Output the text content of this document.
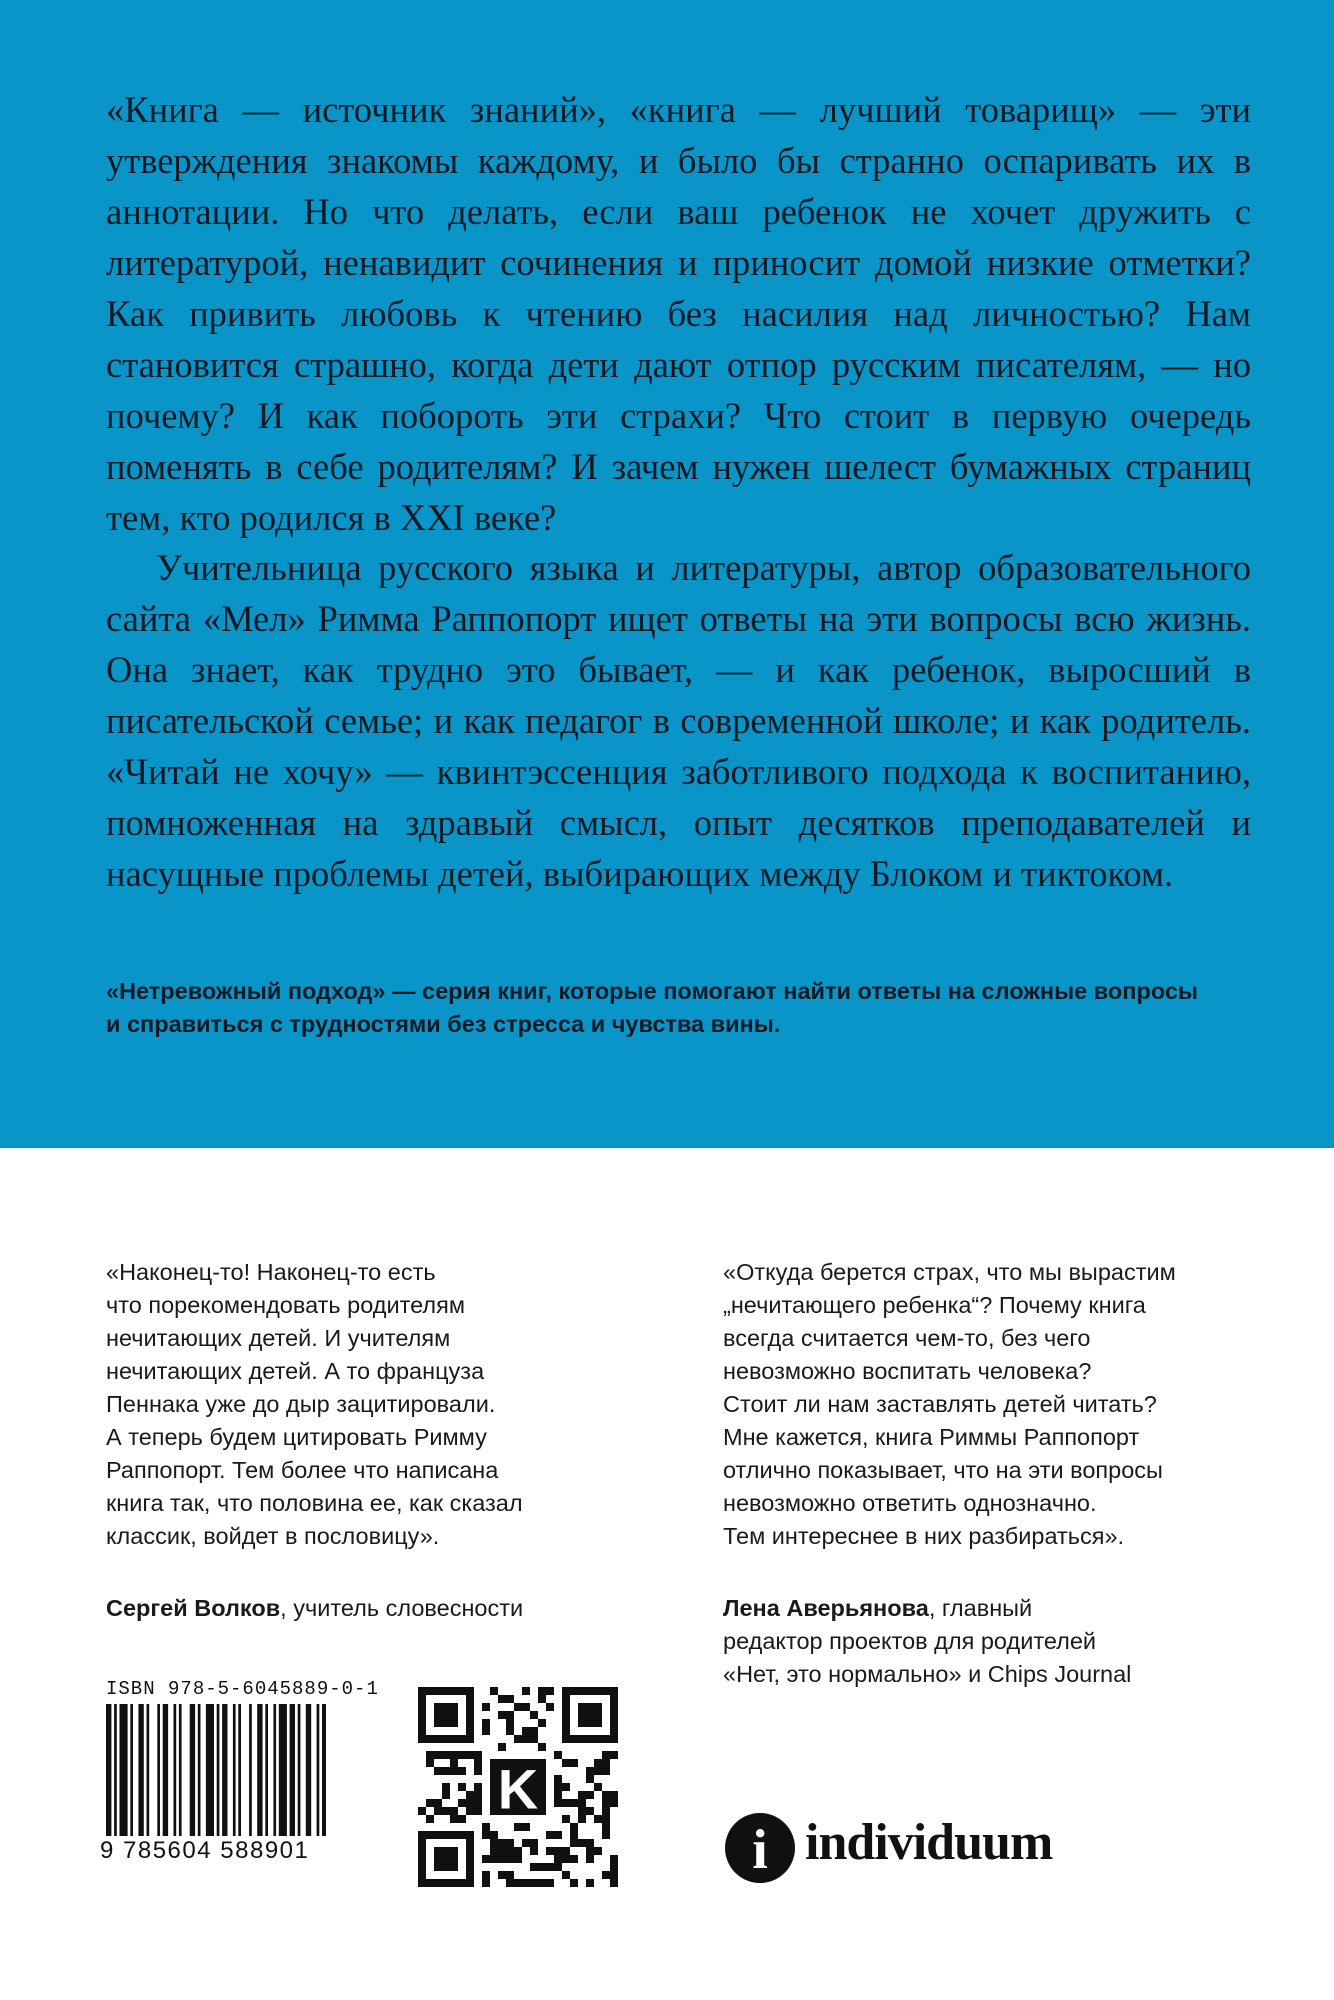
«Книга — источник знаний», «книга — лучший товарищ» — эти утверждения знакомы каждому, и было бы странно оспаривать их в аннотации. Но что делать, если ваш ребенок не хочет дружить с литературой, ненавидит сочинения и приносит домой низкие отметки? Как привить любовь к чтению без насилия над личностью? Нам становится страшно, когда дети дают отпор русским писателям, — но почему? И как побороть эти страхи? Что стоит в первую очередь поменять в себе родителям? И зачем нужен шелест бумажных страниц тем, кто родился в XXI веке?

Учительница русского языка и литературы, автор образовательного сайта «Мел» Римма Раппопорт ищет ответы на эти вопросы всю жизнь. Она знает, как трудно это бывает, — и как ребенок, выросший в писательской семье; и как педагог в современной школе; и как родитель. «Читай не хочу» — квинтэссенция заботливого подхода к воспитанию, помноженная на здравый смысл, опыт десятков преподавателей и насущные проблемы детей, выбирающих между Блоком и тиктоком.

«Нетревожный подход» — серия книг, которые помогают найти ответы на сложные вопросы и справиться с трудностями без стресса и чувства вины.

«Наконец-то! Наконец-то есть
что порекомендовать родителям
нечитающих детей. И учителям
нечитающих детей. А то француза
Пеннака уже до дыр зацитировали.
А теперь будем цитировать Римму
Раппопорт. Тем более что написана
книга так, что половина ее, как сказал
классик, войдет в пословицу».

«Откуда берется страх, что мы вырастим
„нечитающего ребенка“? Почему книга
всегда считается чем-то, без чего
невозможно воспитать человека?
Стоит ли нам заставлять детей читать?
Мне кажется, книга Риммы Раппопорт
отлично показывает, что на эти вопросы
невозможно ответить однозначно.
Тем интереснее в них разбираться».

Сергей Волков, учитель словесности	Лена Аверьянова, главный
редактор проектов для родителей
«Нет, это нормально» и Chips Journal

ISBN 978-5-6045889-0-1

9 785604 588901

K
i individuum
